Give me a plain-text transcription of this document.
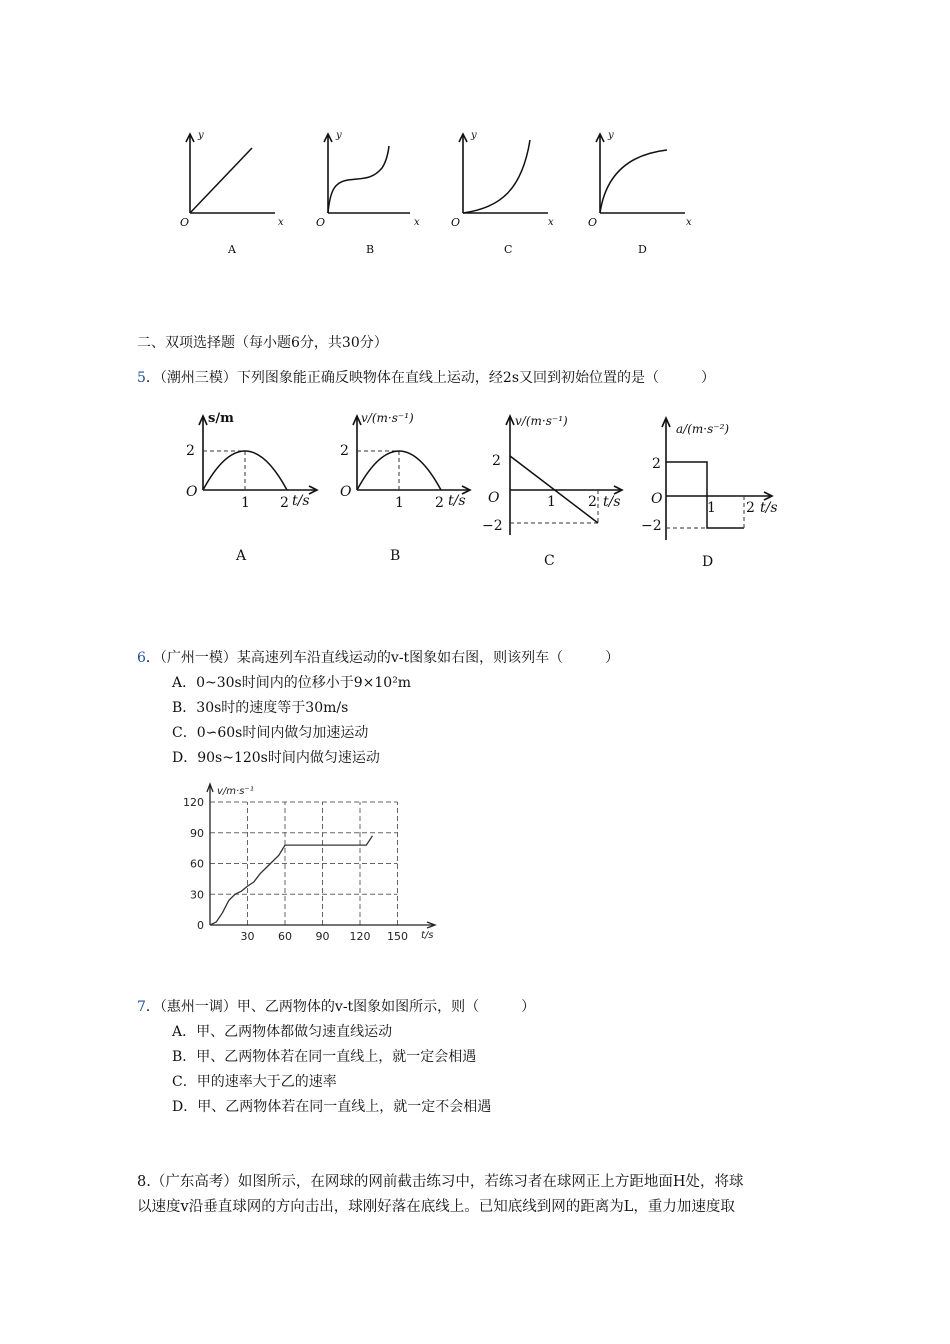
y
x
O
A
y
x
O
B
y
x
O
C
y
x
O
D
二、双项选择题（每小题6分，共30分）
5．（潮州三模）下列图象能正确反映物体在直线上运动，经2s又回到初始位置的是（　　　）
s/m
t/s
O
2
1 2
A
v/(m·s⁻¹)
t/s
O
2
1 2
B
v/(m·s⁻¹)
t/s
O
2
−2
1 2
C
a/(m·s⁻²)
t/s
O
2
−2
1 2
D
6．（广州一模）某高速列车沿直线运动的v-t图象如右图，则该列车（　　　）
A．0~30s时间内的位移小于9×10²m
B．30s时的速度等于30m/s
C．0∽60s时间内做匀加速运动
D．90s~120s时间内做匀速运动
0
30
60
90
120
30 60 90 120 150
v/m·s⁻¹
t/s
7．（惠州一调）甲、乙两物体的v-t图象如图所示，则（　　　）
A．甲、乙两物体都做匀速直线运动
B．甲、乙两物体若在同一直线上，就一定会相遇
C．甲的速率大于乙的速率
D．甲、乙两物体若在同一直线上，就一定不会相遇
8.（广东高考）如图所示，在网球的网前截击练习中，若练习者在球网正上方距地面H处，将球
以速度v沿垂直球网的方向击出，球刚好落在底线上。已知底线到网的距离为L，重力加速度取
